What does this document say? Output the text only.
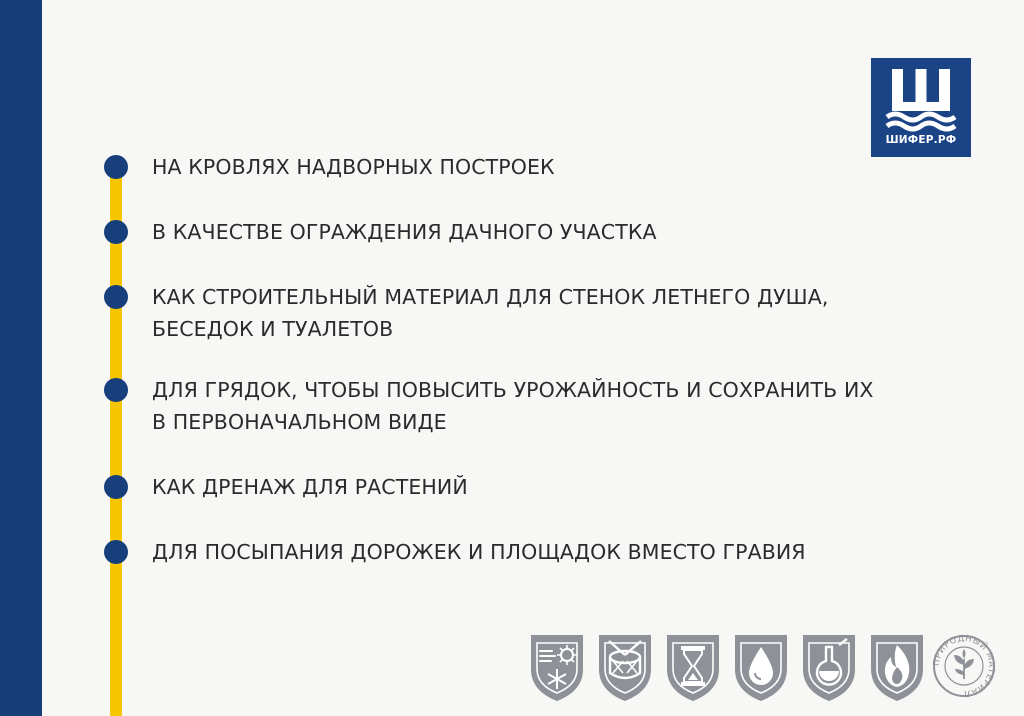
ШИФЕР.РФ
НА КРОВЛЯХ НАДВОРНЫХ ПОСТРОЕК
В КАЧЕСТВЕ ОГРАЖДЕНИЯ ДАЧНОГО УЧАСТКА
КАК СТРОИТЕЛЬНЫЙ МАТЕРИАЛ ДЛЯ СТЕНОК ЛЕТНЕГО ДУША,
БЕСЕДОК И ТУАЛЕТОВ
ДЛЯ ГРЯДОК, ЧТОБЫ ПОВЫСИТЬ УРОЖАЙНОСТЬ И СОХРАНИТЬ ИХ
В ПЕРВОНАЧАЛЬНОМ ВИДЕ
КАК ДРЕНАЖ ДЛЯ РАСТЕНИЙ
ДЛЯ ПОСЫПАНИЯ ДОРОЖЕК И ПЛОЩАДОК ВМЕСТО ГРАВИЯ
ПРИРОДНЫЙ МАТЕРИАЛ
